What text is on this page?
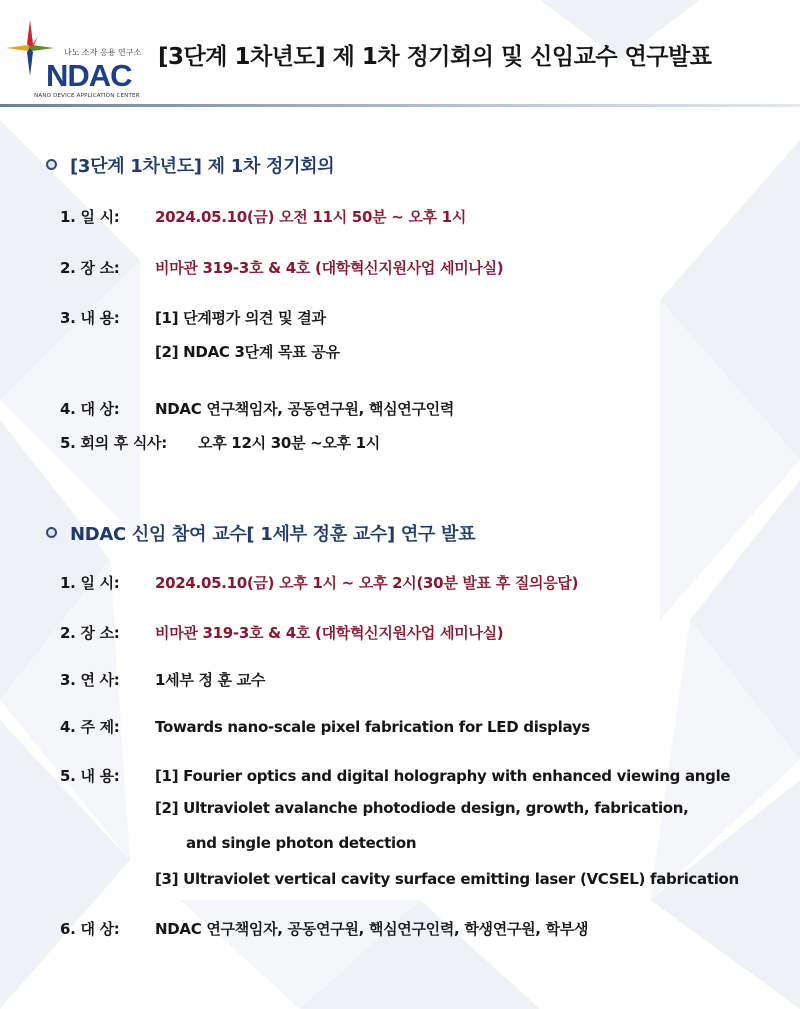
나노 소자 응용 연구소
NDAC
NANO DEVICE APPLICATION CENTER
[3단계 1차년도] 제 1차 정기회의 및 신임교수 연구발표
[3단계 1차년도] 제 1차 정기회의
1. 일 시: 2024.05.10(금) 오전 11시 50분 ~ 오후 1시
2. 장 소: 비마관 319-3호 & 4호 (대학혁신지원사업 세미나실)
3. 내 용: [1] 단계평가 의견 및 결과
[2] NDAC 3단계 목표 공유
4. 대 상: NDAC 연구책임자, 공동연구원, 핵심연구인력
5. 회의 후 식사: 오후 12시 30분 ~오후 1시
NDAC 신임 참여 교수[ 1세부 정훈 교수] 연구 발표
1. 일 시: 2024.05.10(금) 오후 1시 ~ 오후 2시(30분 발표 후 질의응답)
2. 장 소: 비마관 319-3호 & 4호 (대학혁신지원사업 세미나실)
3. 연 사: 1세부 정 훈 교수
4. 주 제: Towards nano-scale pixel fabrication for LED displays
5. 내 용: [1] Fourier optics and digital holography with enhanced viewing angle
[2] Ultraviolet avalanche photodiode design, growth, fabrication,
and single photon detection
[3] Ultraviolet vertical cavity surface emitting laser (VCSEL) fabrication
6. 대 상: NDAC 연구책임자, 공동연구원, 핵심연구인력, 학생연구원, 학부생
